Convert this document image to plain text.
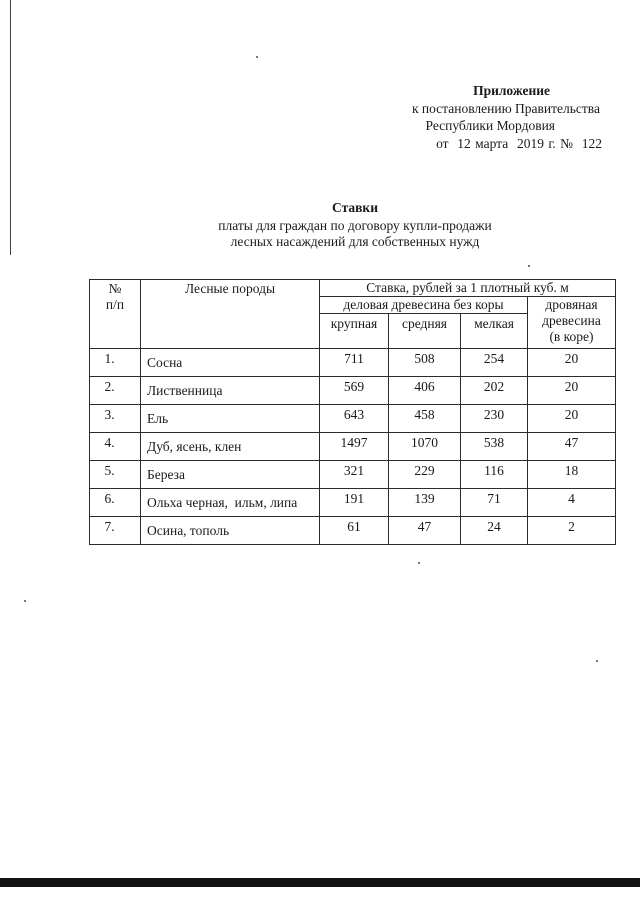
Приложение
к постановлению Правительства
Республики Мордовия
от  12 марта  2019 г. №  122
Ставки
платы для граждан по договору купли-продажи
лесных насаждений для собственных нужд
№
п/п	Лесные породы	Ставка, рублей за 1 плотный куб. м			
		деловая древесина без коры			дровяная
древесина
(в коре)
		крупная	средняя	мелкая	
1.	Сосна	711	508	254	20
2.	Лиственница	569	406	202	20
3.	Ель	643	458	230	20
4.	Дуб, ясень, клен	1497	1070	538	47
5.	Береза	321	229	116	18
6.	Ольха черная,  ильм, липа	191	139	71	4
7.	Осина, тополь	61	47	24	2
